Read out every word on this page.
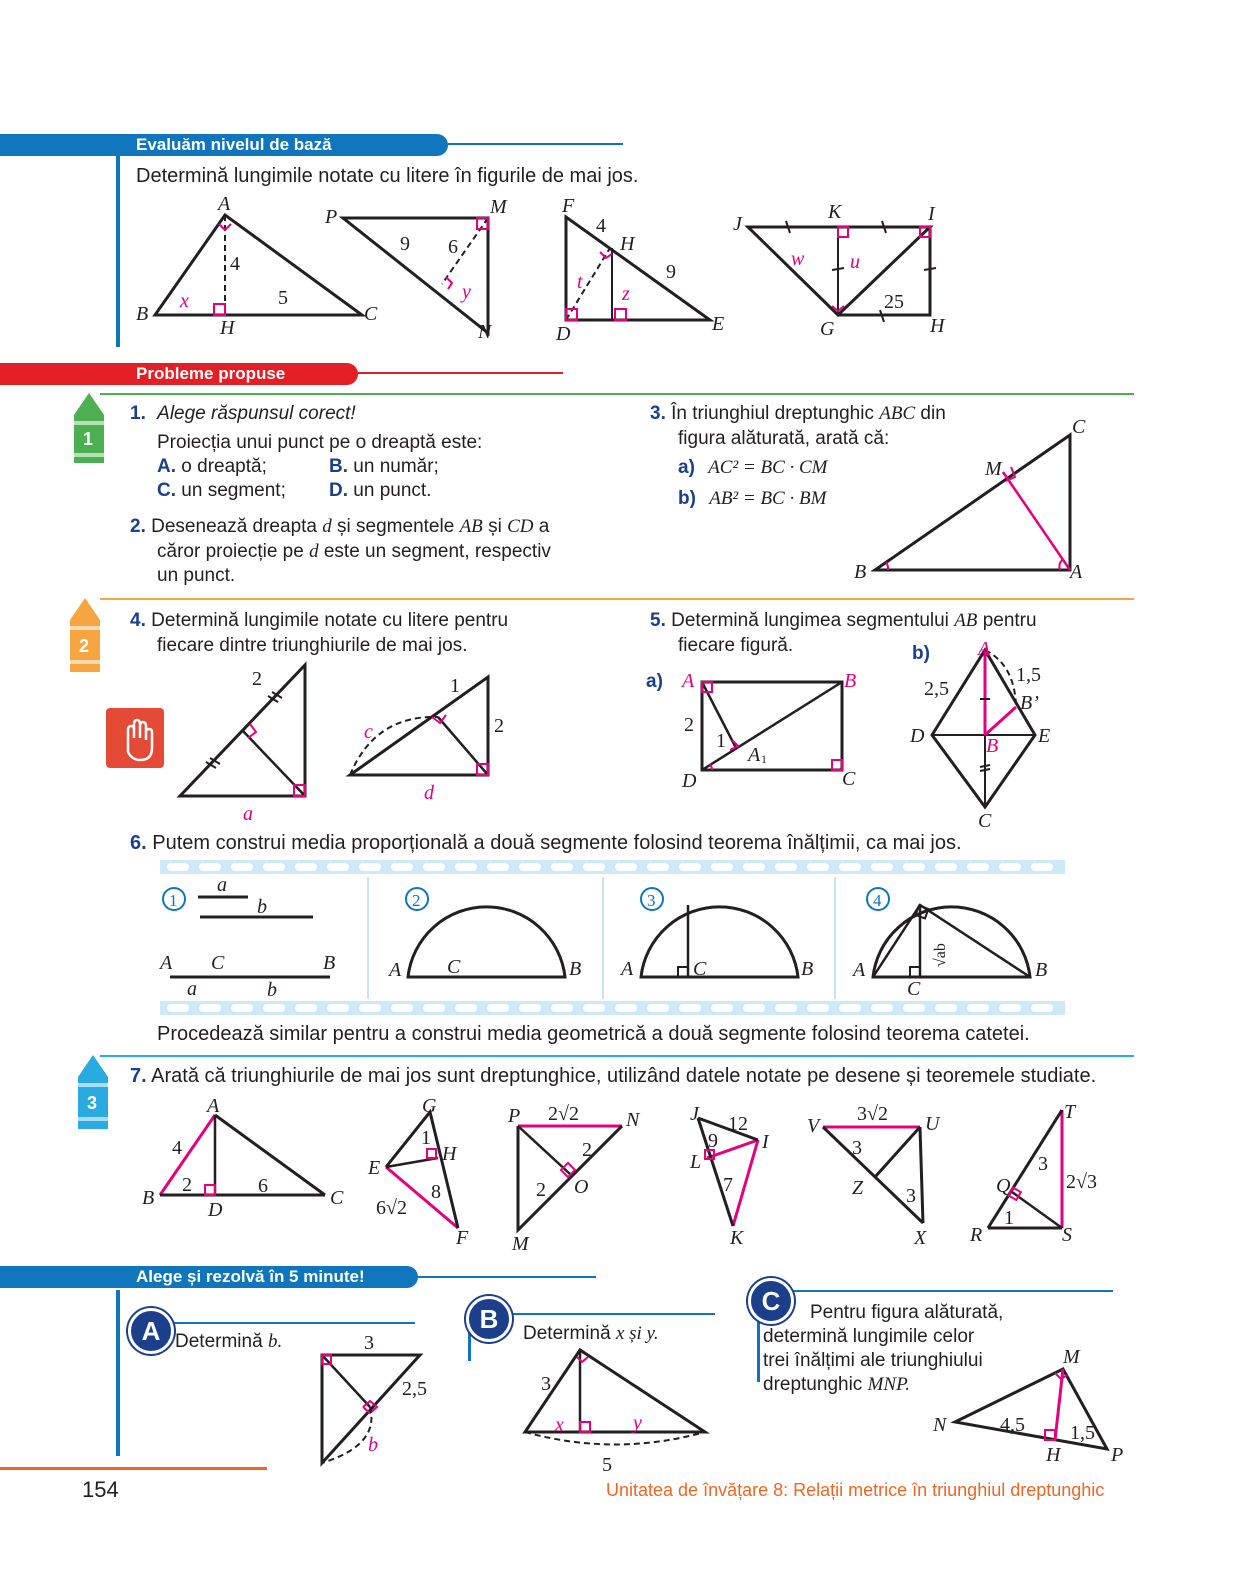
Evaluăm nivelul de bază
Determină lungimile notate cu litere în figurile de mai jos.
A
B	C
H
4
5
x
P	M
N
9 6
y
F
D	E
H
4
9
t
z
J
K	I
G	H
25
w u
Probleme propuse
1
1. Alege răspunsul corect!
Proiecția unui punct pe o dreaptă este:
A. o dreaptă;	B. un număr;
C. un segment; D. un punct.
2. Desenează dreapta d și segmentele AB și CD a
căror proiecție pe d este un segment, respectiv
un punct.
3. În triunghiul dreptunghic ABC din
figura alăturată, arată că:
a) AC² = BC · CM
b) AB² = BC · BM
C
M
B	A
2
4. Determină lungimile notate cu litere pentru
fiecare dintre triunghiurile de mai jos.
2
a
1
2
c
d
5. Determină lungimea segmentului AB pentru
fiecare figură.
a)
b)
A	B
D	C
2
1
A 1
A
1,5
2,5
B’
D	E
B
C
6. Putem construi media proporțională a două segmente folosind teorema înălțimii, ca mai jos.
1
a
b
A C	B
a	b
2
A	B
C
3
A	B
C
4
A	B
C
√ab
Procedează similar pentru a construi media geometrică a două segmente folosind teorema catetei.
3
7. Arată că triunghiurile de mai jos sunt dreptunghice, utilizând datele notate pe desene și teoremele studiate.
A
B	C
D
4
2	6
G
H
E
F
1
8
6√2
P	N
M
O
2√2
2
2
J
I
L
K
12
9
7
V	U
Z
X
3√2
3
3
T
Q
R	S
3
1
2√3
Alege și rezolvă în 5 minute!
A Determină b.	3
2,5
b
B	Determină x și y.
3
x	y
5
C	Pentru figura alăturată,
determină lungimile celor
trei înălțimi ale triunghiului
dreptunghic MNP.
M
N
P
H
4,5 1,5
154	Unitatea de învățare 8: Relații metrice în triunghiul dreptunghic
